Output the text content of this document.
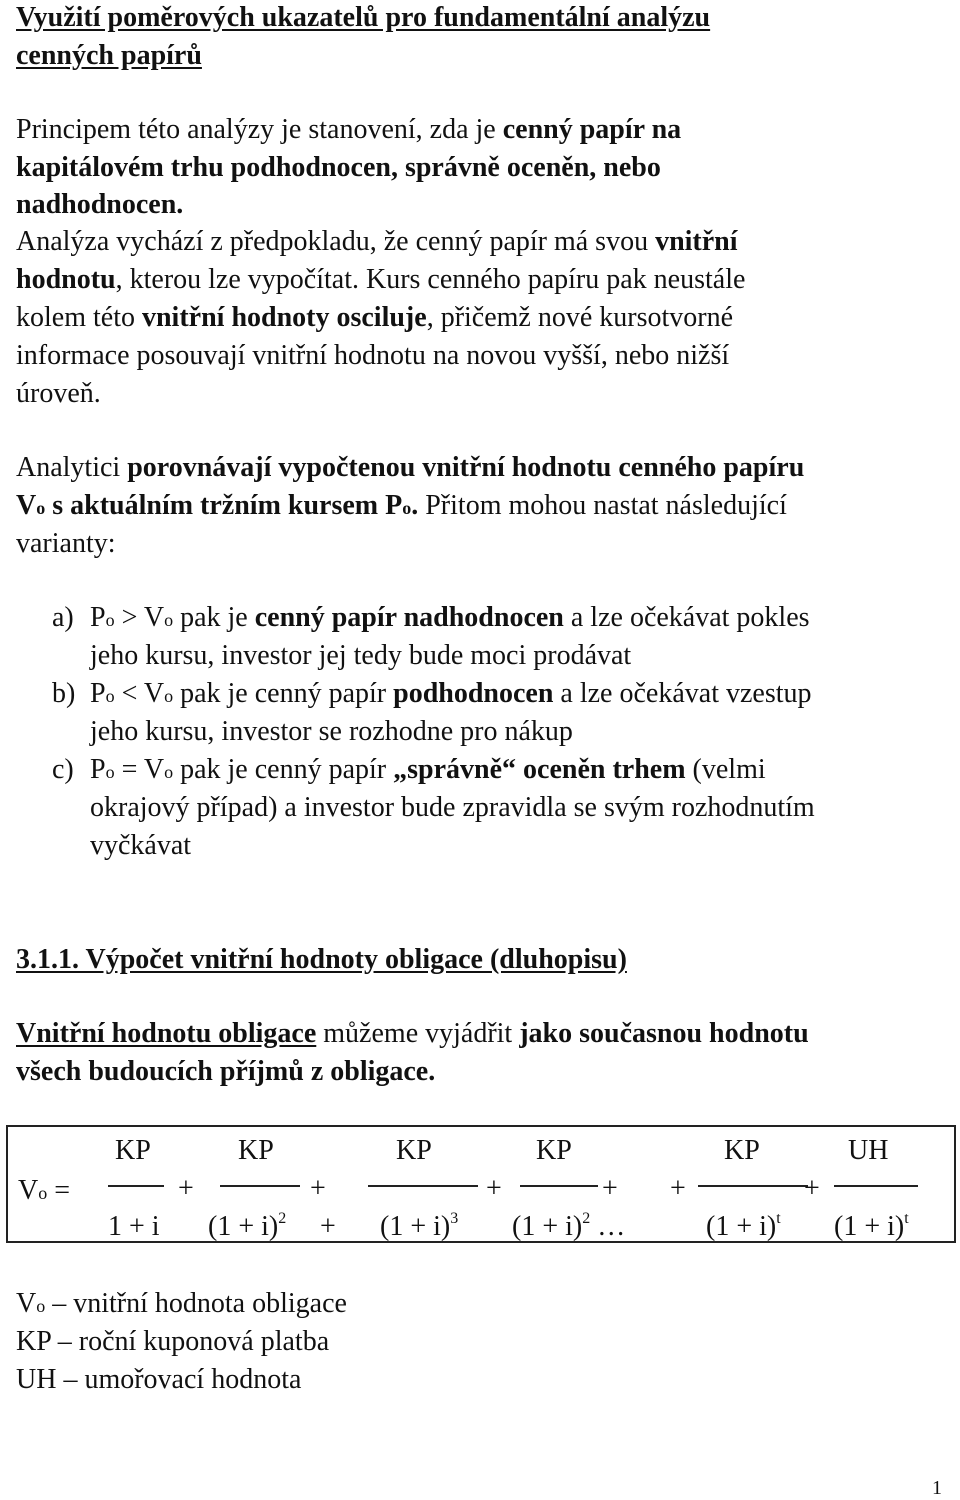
Využití poměrových ukazatelů pro fundamentální analýzu
cenných papírů
Principem této analýzy je stanovení, zda je cenný papír na
kapitálovém trhu podhodnocen, správně oceněn, nebo
nadhodnocen.
Analýza vychází z předpokladu, že cenný papír má svou vnitřní
hodnotu, kterou lze vypočítat. Kurs cenného papíru pak neustále
kolem této vnitřní hodnoty osciluje, přičemž nové kursotvorné
informace posouvají vnitřní hodnotu na novou vyšší, nebo nižší
úroveň.
Analytici porovnávají vypočtenou vnitřní hodnotu cenného papíru
Vo s aktuálním tržním kursem Po. Přitom mohou nastat následující
varianty:
a) Po > Vo pak je cenný papír nadhodnocen a lze očekávat pokles
jeho kursu, investor jej tedy bude moci prodávat
b) Po < Vo pak je cenný papír podhodnocen a lze očekávat vzestup
jeho kursu, investor se rozhodne pro nákup
c) Po = Vo pak je cenný papír „správně“ oceněn trhem (velmi
okrajový případ) a investor bude zpravidla se svým rozhodnutím
vyčkávat
3.1.1. Výpočet vnitřní hodnoty obligace (dluhopisu)
Vnitřní hodnotu obligace můžeme vyjádřit jako současnou hodnotu
všech budoucích příjmů z obligace.
Vo =
KP	KP	KP	KP	KP	UH
+	+	+	+ +	+
1 + i $(1 + i)^2 + (1 + i)^3$ $(1 + i)^2$ …	$(1 + i)^t$ $(1 + i)^t$
Vo – vnitřní hodnota obligace
KP – roční kuponová platba
UH – umořovací hodnota
1
